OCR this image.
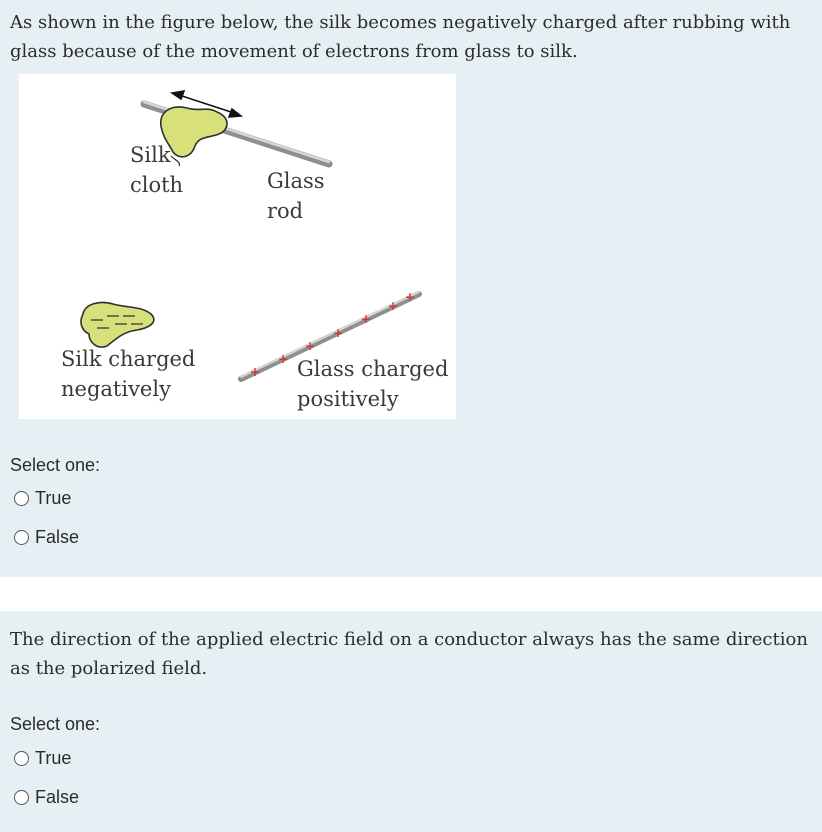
As shown in the figure below, the silk becomes negatively charged after rubbing with glass because of the movement of electrons from glass to silk.
+
+
+
+
+
+
+
Silk
cloth	Glass
rod
Silk charged
negatively
Glass charged
positively
Select one:
True
False
The direction of the applied electric field on a conductor always has the same direction as the polarized field.
Select one:
True
False
